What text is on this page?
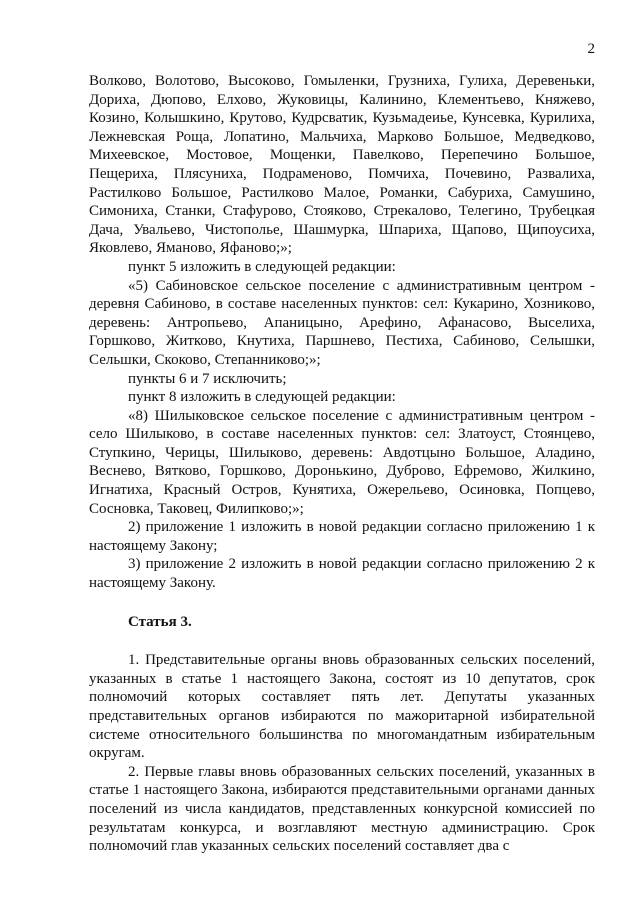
2

Волково, Волотово, Высоково, Гомыленки, Грузниха, Гулиха, Деревеньки, Дориха, Дюпово, Елхово, Жуковицы, Калинино, Клементьево, Княжево, Козино, Колышкино, Крутово, Кудрсватик, Кузьмадеиье, Кунсевка, Курилиха, Лежневская Роща, Лопатино, Мальчиха, Марково Большое, Медведково, Михеевское, Мостовое, Мощенки, Павелково, Перепечино Большое, Пещериха, Плясуниха, Подраменово, Помчиха, Почевино, Развалиха, Растилково Большое, Растилково Малое, Романки, Сабуриха, Самушино, Симониха, Станки, Стафурово, Стояково, Стрекалово, Телегино, Трубецкая Дача, Увальево, Чистополье, Шашмурка, Шпариха, Щапово, Щипоусиха, Яковлево, Ямaново, Яфаново;»;

пункт 5 изложить в следующей редакции:

«5) Сабиновское сельское поселение с административным центром - деревня Сабиново, в составе населенных пунктов: сел: Кукарино, Хозниково, деревень: Антропьево, Апаницыно, Арефино, Афанасово, Выселиха, Горшково, Житково, Кнутиха, Паршнево, Пестиха, Сабиново, Селышки, Сельшки, Скоково, Степанниково;»;

пункты 6 и 7 исключить;

пункт 8 изложить в следующей редакции:

«8) Шилыковское сельское поселение с административным центром - село Шилыково, в составе населенных пунктов: сел: Златоуст, Стоянцево, Ступкино, Черицы, Шилыково, деревень: Авдотцыно Большое, Аладино, Веснево, Вятково, Горшково, Доронькино, Дуброво, Ефремово, Жилкино, Игнатиха, Красный Остров, Кунятиха, Ожерельево, Осиновка, Попцево, Сосновка, Таковец, Филипково;»;

2) приложение 1 изложить в новой редакции согласно приложению 1 к настоящему Закону;

3) приложение 2 изложить в новой редакции согласно приложению 2 к настоящему Закону.

Статья 3.

1. Представительные органы вновь образованных сельских поселений, указанных в статье 1 настоящего Закона, состоят из 10 депутатов, срок полномочий которых составляет пять лет. Депутаты указанных представительных органов избираются по мажоритарной избирательной системе относительного большинства по многомандатным избирательным округам.

2. Первые главы вновь образованных сельских поселений, указанных в статье 1 настоящего Закона, избираются представительными органами данных поселений из числа кандидатов, представленных конкурсной комиссией по результатам конкурса, и возглавляют местную администрацию. Срок полномочий глав указанных сельских поселений составляет два с
